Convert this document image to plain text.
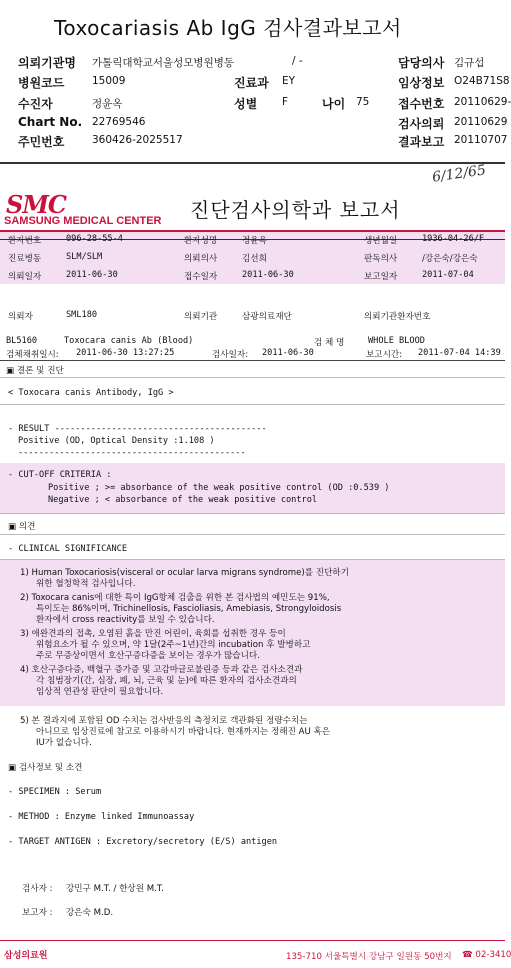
Toxocariasis Ab IgG 검사결과보고서
의뢰기관명 가톨릭대학교서울성모병원병동	/ -	담당의사 김규섭
병원코드	15009	진료과 EY	임상정보 O24B71S8
수진자	정윤옥	성별 F	나이 75 접수번호 20110629-
Chart No. 22769546	검사의뢰 20110629
주민번호	360426-2025517	결과보고 20110707
6/12/65
SMC
SAMSUNG MEDICAL CENTER 진단검사의학과 보고서
환자번호	096-28-55-4	환자성명	정윤옥	생년월일	1936-04-26/F
진료병동	SLM/SLM	의뢰의사	김선희	판독의사	/강은숙/강은숙
의뢰일자	2011-06-30	접수일자	2011-06-30	보고일자	2011-07-04
의뢰자	SML180	의뢰기관	삼광의료재단	의뢰기관환자번호
BL5160	Toxocara canis Ab (Blood)	검 체 명	WHOLE BLOOD
검체채취일시: 2011-06-30 13:27:25	검사일자: 2011-06-30	보고시간: 2011-07-04 14:39
▣ 결론 및 진단
< Toxocara canis Antibody, IgG >
- RESULT -----------------------------------------
Positive (OD, Optical Density :1.108 )
--------------------------------------------
- CUT-OFF CRITERIA :
Positive ; >= absorbance of the weak positive control (OD :0.539 )
Negative ; < absorbance of the weak positive control
▣ 의견
- CLINICAL SIGNIFICANCE
1) Human Toxocariosis(visceral or ocular larva migrans syndrome)를 진단하기
위한 혈청학적 검사입니다.
2) Toxocara canis에 대한 특이 IgG항체 검출을 위한 본 검사법의 예민도는 91%,
특이도는 86%이며, Trichinellosis, Fascioliasis, Amebiasis, Strongyloidosis
환자에서 cross reactivity를 보일 수 있습니다.
3) 애완견과의 접촉, 오염된 흙을 만진 어린이, 육회를 섭취한 경우 등이
위험요소가 될 수 있으며, 약 1달(2주~1년)간의 incubation 후 발병하고
주로 무증상이면서 호산구증다증을 보이는 경우가 많습니다.
4) 호산구증다증, 백혈구 증가증 및 고감마글로불린증 등과 같은 검사소견과
각 침범장기(간, 심장, 폐, 뇌, 근육 및 눈)에 따른 환자의 검사소견과의
임상적 연관성 판단이 필요합니다.
5) 본 결과지에 포함된 OD 수치는 검사반응의 측정치로 객관화된 정량수치는
아니므로 임상진료에 참고로 이용하시기 바랍니다. 현재까지는 정해진 AU 혹은
IU가 없습니다.
▣ 검사정보 및 소견
- SPECIMEN : Serum
- METHOD : Enzyme linked Immunoassay
- TARGET ANTIGEN : Excretory/secretory (E/S) antigen
검사자 : 강민구 M.T. / 한상원 M.T.
보고자 : 강은숙 M.D.
삼성의료원	135-710 서울특별시 강남구 일원동 50번지 ☎ 02-3410
